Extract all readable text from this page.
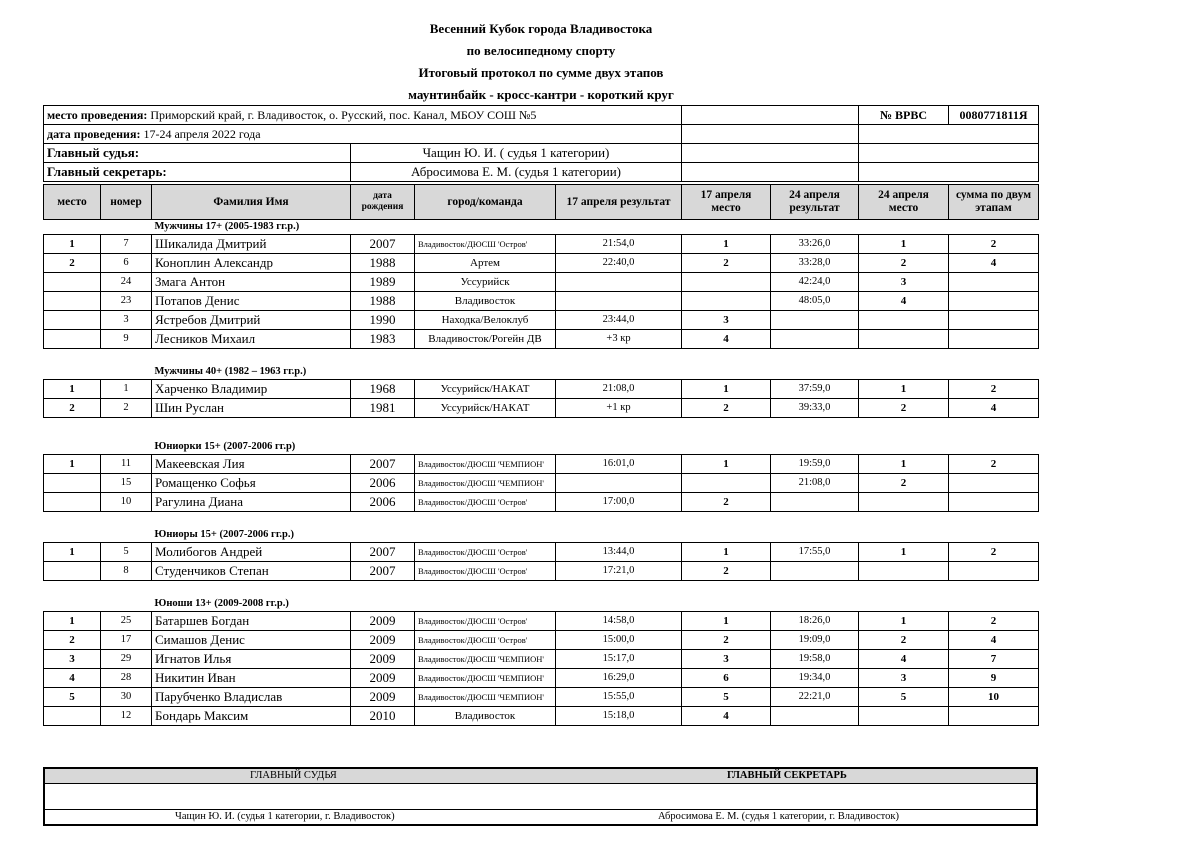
Весенний Кубок города Владивостока
по велосипедному спорту
Итоговый протокол по сумме двух этапов
маунтинбайк - кросс-кантри - короткий круг
место проведения: Приморский край, г. Владивосток, о. Русский, пос. Канал, МБОУ СОШ №5			№ ВРВС	0080771811Я
дата проведения: 17-24 апреля 2022 года				
Главный судья:	Чащин Ю. И. ( судья 1 категории)			
Главный секретарь:	Абросимова Е. М. (судья 1 категории)			
место	номер	Фамилия Имя	дата рождения	город/команда	17 апреля результат	17 апреля место	24 апреля результат	24 апреля место	сумма по двум этапам
		Мужчины 17+ (2005-1983 гг.р.)							
1	7	Шикалида Дмитрий	2007	Владивосток/ДЮСШ 'Остров'	21:54,0	1	33:26,0	1	2
2	6	Коноплин Александр	1988	Артем	22:40,0	2	33:28,0	2	4
	24	Змага Антон	1989	Уссурийск			42:24,0	3	
	23	Потапов Денис	1988	Владивосток			48:05,0	4	
	3	Ястребов Дмитрий	1990	Находка/Велоклуб	23:44,0	3			
	9	Лесников Михаил	1983	Владивосток/Рогейн ДВ	+3 кр	4			

		Мужчины 40+ (1982 – 1963 гг.р.)							
1	1	Харченко Владимир	1968	Уссурийск/НАКАТ	21:08,0	1	37:59,0	1	2
2	2	Шин Руслан	1981	Уссурийск/НАКАТ	+1 кр	2	39:33,0	2	4

		Юниорки 15+ (2007-2006 гг.р)							
1	11	Макеевская Лия	2007	Владивосток/ДЮСШ 'ЧЕМПИОН'	16:01,0	1	19:59,0	1	2
	15	Ромащенко Софья	2006	Владивосток/ДЮСШ 'ЧЕМПИОН'			21:08,0	2	
	10	Рагулина Диана	2006	Владивосток/ДЮСШ 'Остров'	17:00,0	2			

		Юниоры 15+ (2007-2006 гг.р.)							
1	5	Молибогов Андрей	2007	Владивосток/ДЮСШ 'Остров'	13:44,0	1	17:55,0	1	2
	8	Студенчиков Степан	2007	Владивосток/ДЮСШ 'Остров'	17:21,0	2			

		Юноши 13+ (2009-2008 гг.р.)							
1	25	Батаршев Богдан	2009	Владивосток/ДЮСШ 'Остров'	14:58,0	1	18:26,0	1	2
2	17	Симашов Денис	2009	Владивосток/ДЮСШ 'Остров'	15:00,0	2	19:09,0	2	4
3	29	Игнатов Илья	2009	Владивосток/ДЮСШ 'ЧЕМПИОН'	15:17,0	3	19:58,0	4	7
4	28	Никитин Иван	2009	Владивосток/ДЮСШ 'ЧЕМПИОН'	16:29,0	6	19:34,0	3	9
5	30	Парубченко Владислав	2009	Владивосток/ДЮСШ 'ЧЕМПИОН'	15:55,0	5	22:21,0	5	10
	12	Бондарь Максим	2010	Владивосток	15:18,0	4			
ГЛАВНЫЙ СУДЬЯ	ГЛАВНЫЙ СЕКРЕТАРЬ
Чащин Ю. И. (судья 1 категории, г. Владивосток)	Абросимова Е. М. (судья 1 категории, г. Владивосток)
